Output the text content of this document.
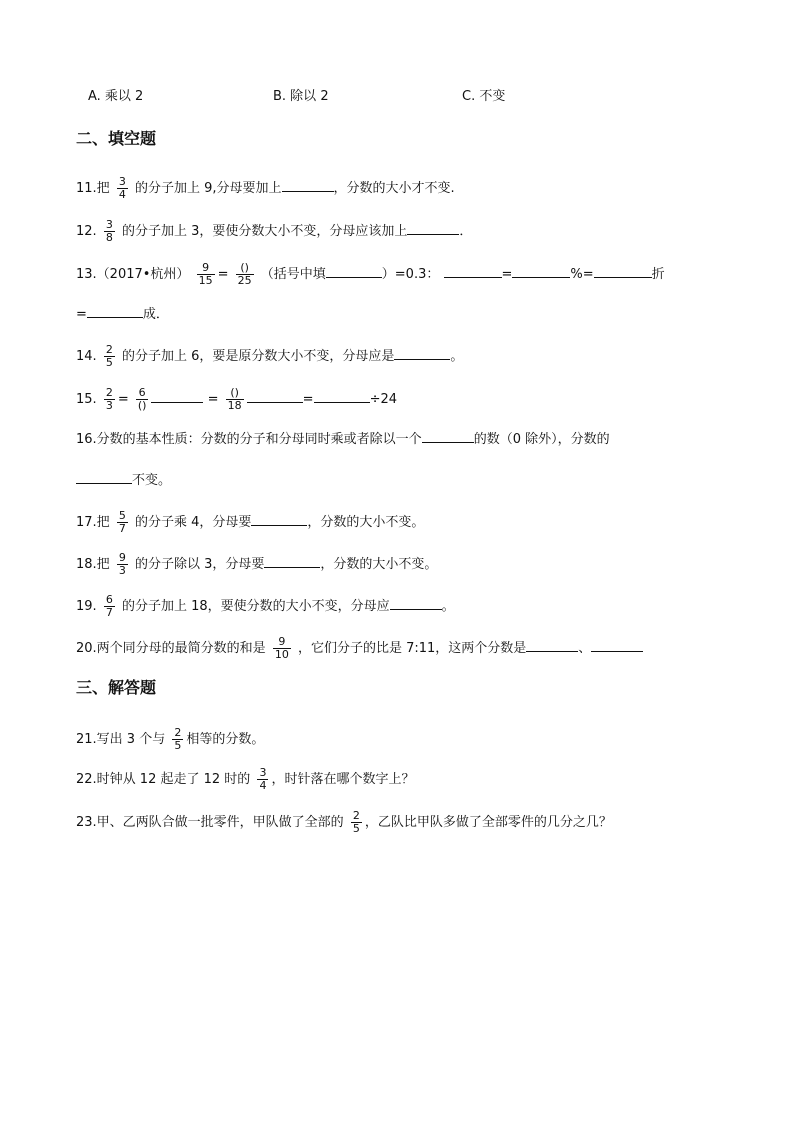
A. 乘以 2	B. 除以 2	C. 不变
二、填空题
11.把 $\frac{3}{4}$ 的分子加上 9,分母要加上	，分数的大小才不变.
12. $\frac{3}{8}$ 的分子加上 3，要使分数大小不变，分母应该加上	．
13.（2017•杭州） $\frac{9}{15} = \frac{()}{25}$ （括号中填	）=0.3：	=	%=	折
=	成．
14. $\frac{2}{5}$ 的分子加上 6，要是原分数大小不变，分母应是	。
15. $\frac{2}{3} = \frac{6}{()}$	= $\frac{()}{18}$	=	÷24
16.分数的基本性质：分数的分子和分母同时乘或者除以一个	的数（0 除外），分数的
不变。
17.把 $\frac{5}{7}$ 的分子乘 4，分母要	，分数的大小不变。
18.把 $\frac{9}{3}$ 的分子除以 3，分母要	，分数的大小不变。
19. $\frac{6}{7}$ 的分子加上 18，要使分数的大小不变，分母应	。
20.两个同分母的最简分数的和是 $\frac{9}{10}$ ，它们分子的比是 7:11，这两个分数是	、
三、解答题
21.写出 3 个与 $\frac{2}{5}$ 相等的分数。
22.时钟从 12 起走了 12 时的 $\frac{3}{4}$ ，时针落在哪个数字上？
23.甲、乙两队合做一批零件，甲队做了全部的 $\frac{2}{5}$ ，乙队比甲队多做了全部零件的几分之几？
